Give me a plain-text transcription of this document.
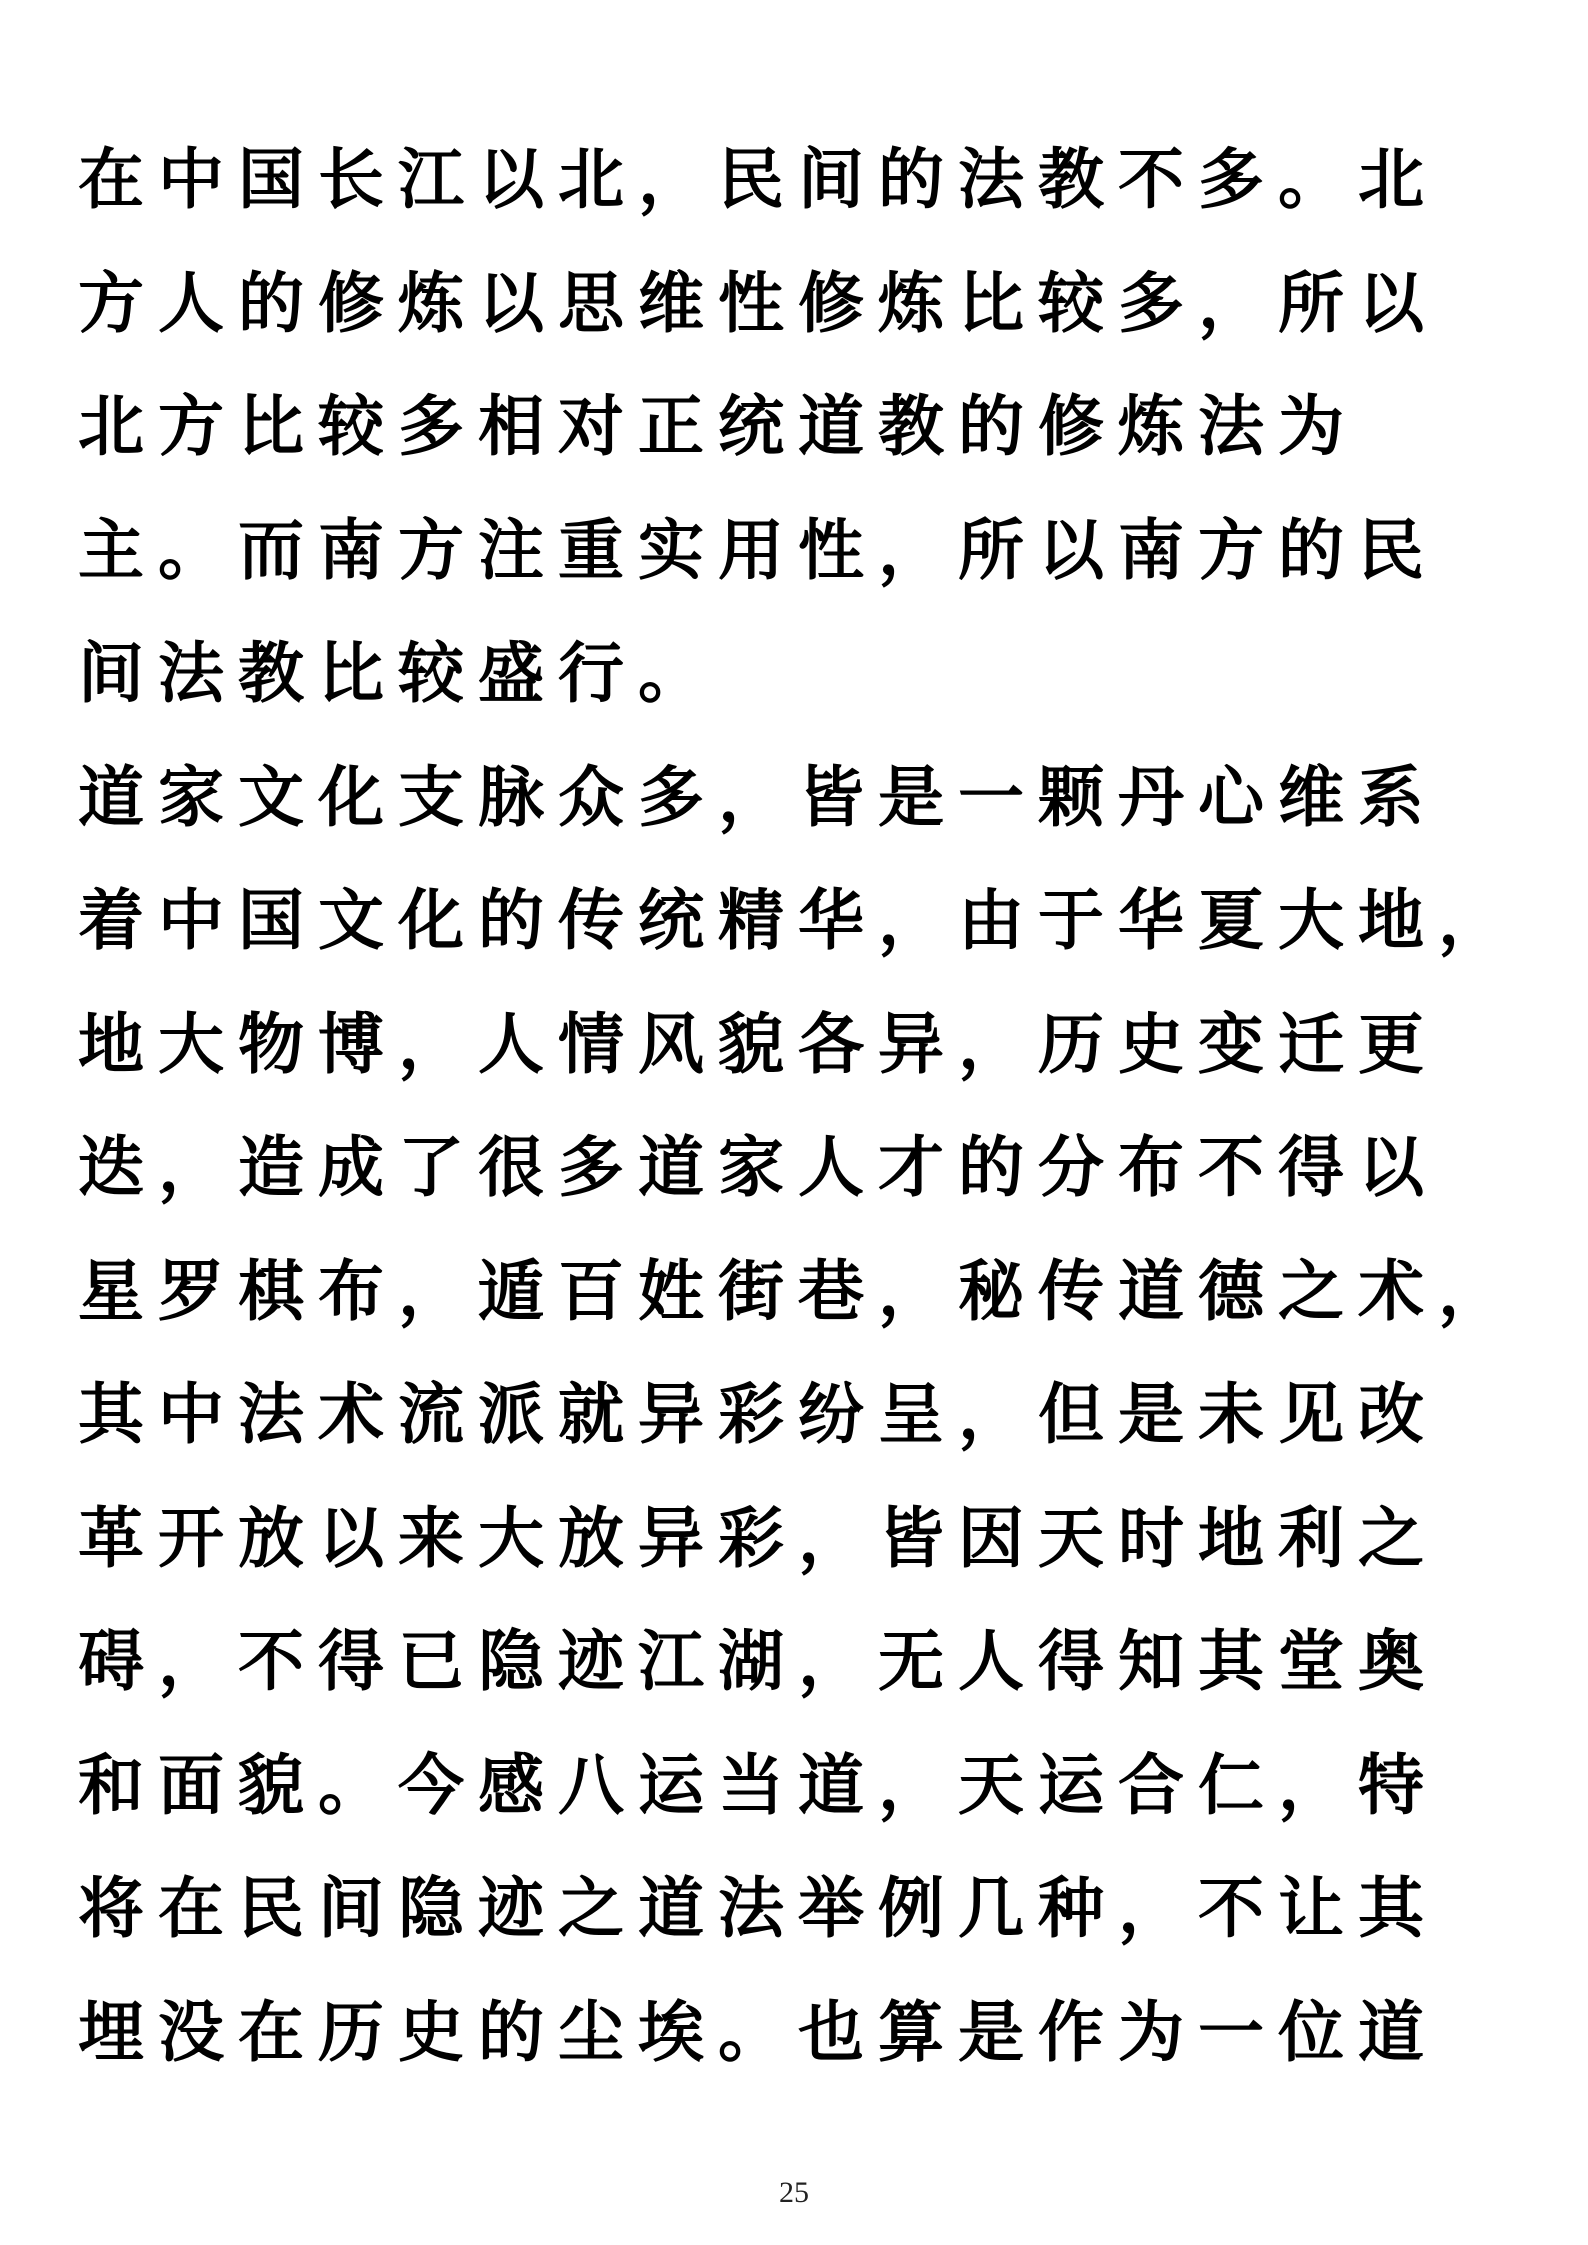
在中国长江以北，民间的法教不多。北
方人的修炼以思维性修炼比较多，所以
北方比较多相对正统道教的修炼法为
主。而南方注重实用性，所以南方的民
间法教比较盛行。
道家文化支脉众多，皆是一颗丹心维系
着中国文化的传统精华，由于华夏大地，
地大物博，人情风貌各异，历史变迁更
迭，造成了很多道家人才的分布不得以
星罗棋布，遁百姓街巷，秘传道德之术，
其中法术流派就异彩纷呈，但是未见改
革开放以来大放异彩，皆因天时地利之
碍，不得已隐迹江湖，无人得知其堂奥
和面貌。今感八运当道，天运合仁，特
将在民间隐迹之道法举例几种，不让其
埋没在历史的尘埃。也算是作为一位道
25
